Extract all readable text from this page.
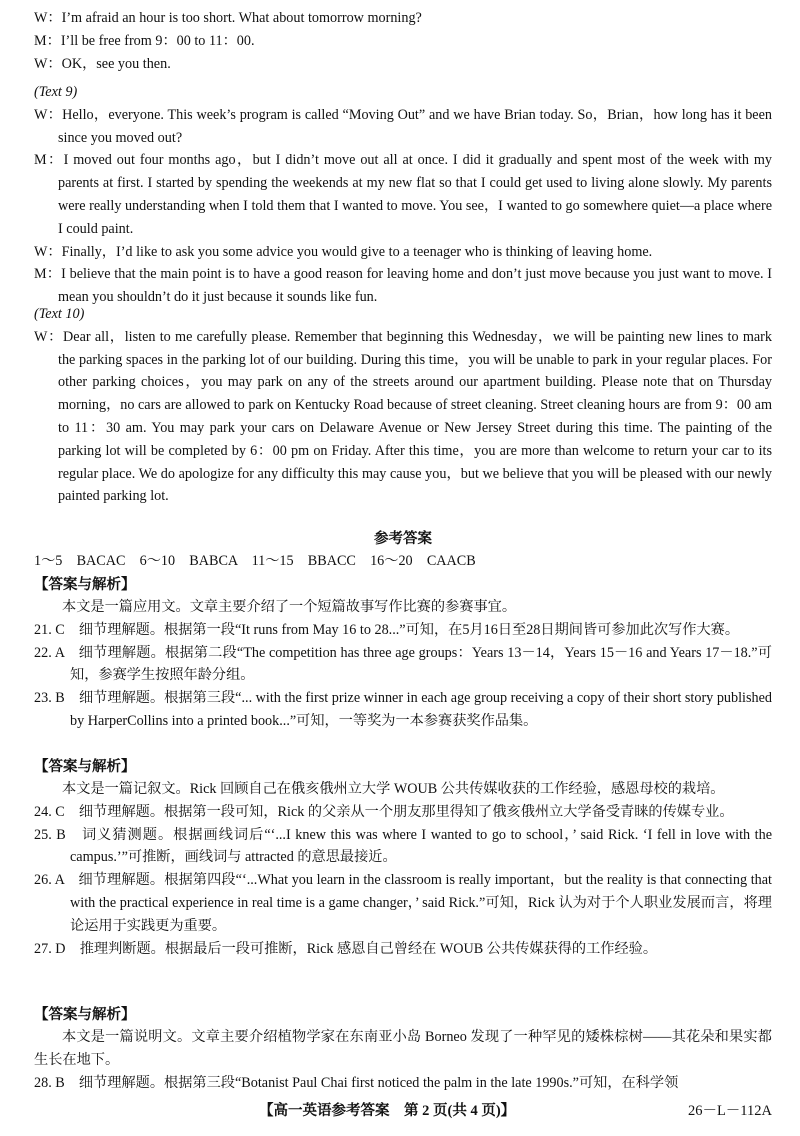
W：I’m afraid an hour is too short. What about tomorrow morning?

M：I’ll be free from 9：00 to 11：00.

W：OK，see you then.

(Text 9)

W：Hello，everyone. This week’s program is called “Moving Out” and we have Brian today. So，Brian，how long has it been since you moved out?

M：I moved out four months ago，but I didn’t move out all at once. I did it gradually and spent most of the week with my parents at first. I started by spending the weekends at my new flat so that I could get used to living alone slowly. My parents were really understanding when I told them that I wanted to move. You see，I wanted to go somewhere quiet—a place where I could paint.

W：Finally，I’d like to ask you some advice you would give to a teenager who is thinking of leaving home.

M：I believe that the main point is to have a good reason for leaving home and don’t just move because you just want to move. I mean you shouldn’t do it just because it sounds like fun.

(Text 10)

W：Dear all，listen to me carefully please. Remember that beginning this Wednesday，we will be painting new lines to mark the parking spaces in the parking lot of our building. During this time，you will be unable to park in your regular places. For other parking choices，you may park on any of the streets around our apartment building. Please note that on Thursday morning，no cars are allowed to park on Kentucky Road because of street cleaning. Street cleaning hours are from 9：00 am to 11：30 am. You may park your cars on Delaware Avenue or New Jersey Street during this time. The painting of the parking lot will be completed by 6：00 pm on Friday. After this time，you are more than welcome to return your car to its regular place. We do apologize for any difficulty this may cause you，but we believe that you will be pleased with our newly painted parking lot.

参考答案

1～5　BACAC　6～10　BABCA　11～15　BBACC　16～20　CAACB

【答案与解析】

本文是一篇应用文。文章主要介绍了一个短篇故事写作比赛的参赛事宜。

21. C　细节理解题。根据第一段“It runs from May 16 to 28...”可知，在5月16日至28日期间皆可参加此次写作大赛。

22. A　细节理解题。根据第二段“The competition has three age groups：Years 13－14，Years 15－16 and Years 17－18.”可知，参赛学生按照年龄分组。

23. B　细节理解题。根据第三段“... with the first prize winner in each age group receiving a copy of their short story published by HarperCollins into a printed book...”可知，一等奖为一本参赛获奖作品集。

【答案与解析】

本文是一篇记叙文。Rick 回顾自己在俄亥俄州立大学 WOUB 公共传媒收获的工作经验，感恩母校的栽培。

24. C　细节理解题。根据第一段可知，Rick 的父亲从一个朋友那里得知了俄亥俄州立大学备受青睐的传媒专业。

25. B　词义猜测题。根据画线词后“‘...I knew this was where I wanted to go to school，’ said Rick. ‘I fell in love with the campus.’”可推断，画线词与 attracted 的意思最接近。

26. A　细节理解题。根据第四段“‘...What you learn in the classroom is really important，but the reality is that connecting that with the practical experience in real time is a game changer，’ said Rick.”可知，Rick 认为对于个人职业发展而言，将理论运用于实践更为重要。

27. D　推理判断题。根据最后一段可推断，Rick 感恩自己曾经在 WOUB 公共传媒获得的工作经验。

【答案与解析】

本文是一篇说明文。文章主要介绍植物学家在东南亚小岛 Borneo 发现了一种罕见的矮株棕树——其花朵和果实都生长在地下。

28. B　细节理解题。根据第三段“Botanist Paul Chai first noticed the palm in the late 1990s.”可知，在科学领

【高一英语参考答案　第 2 页(共 4 页)】	26－L－112A
